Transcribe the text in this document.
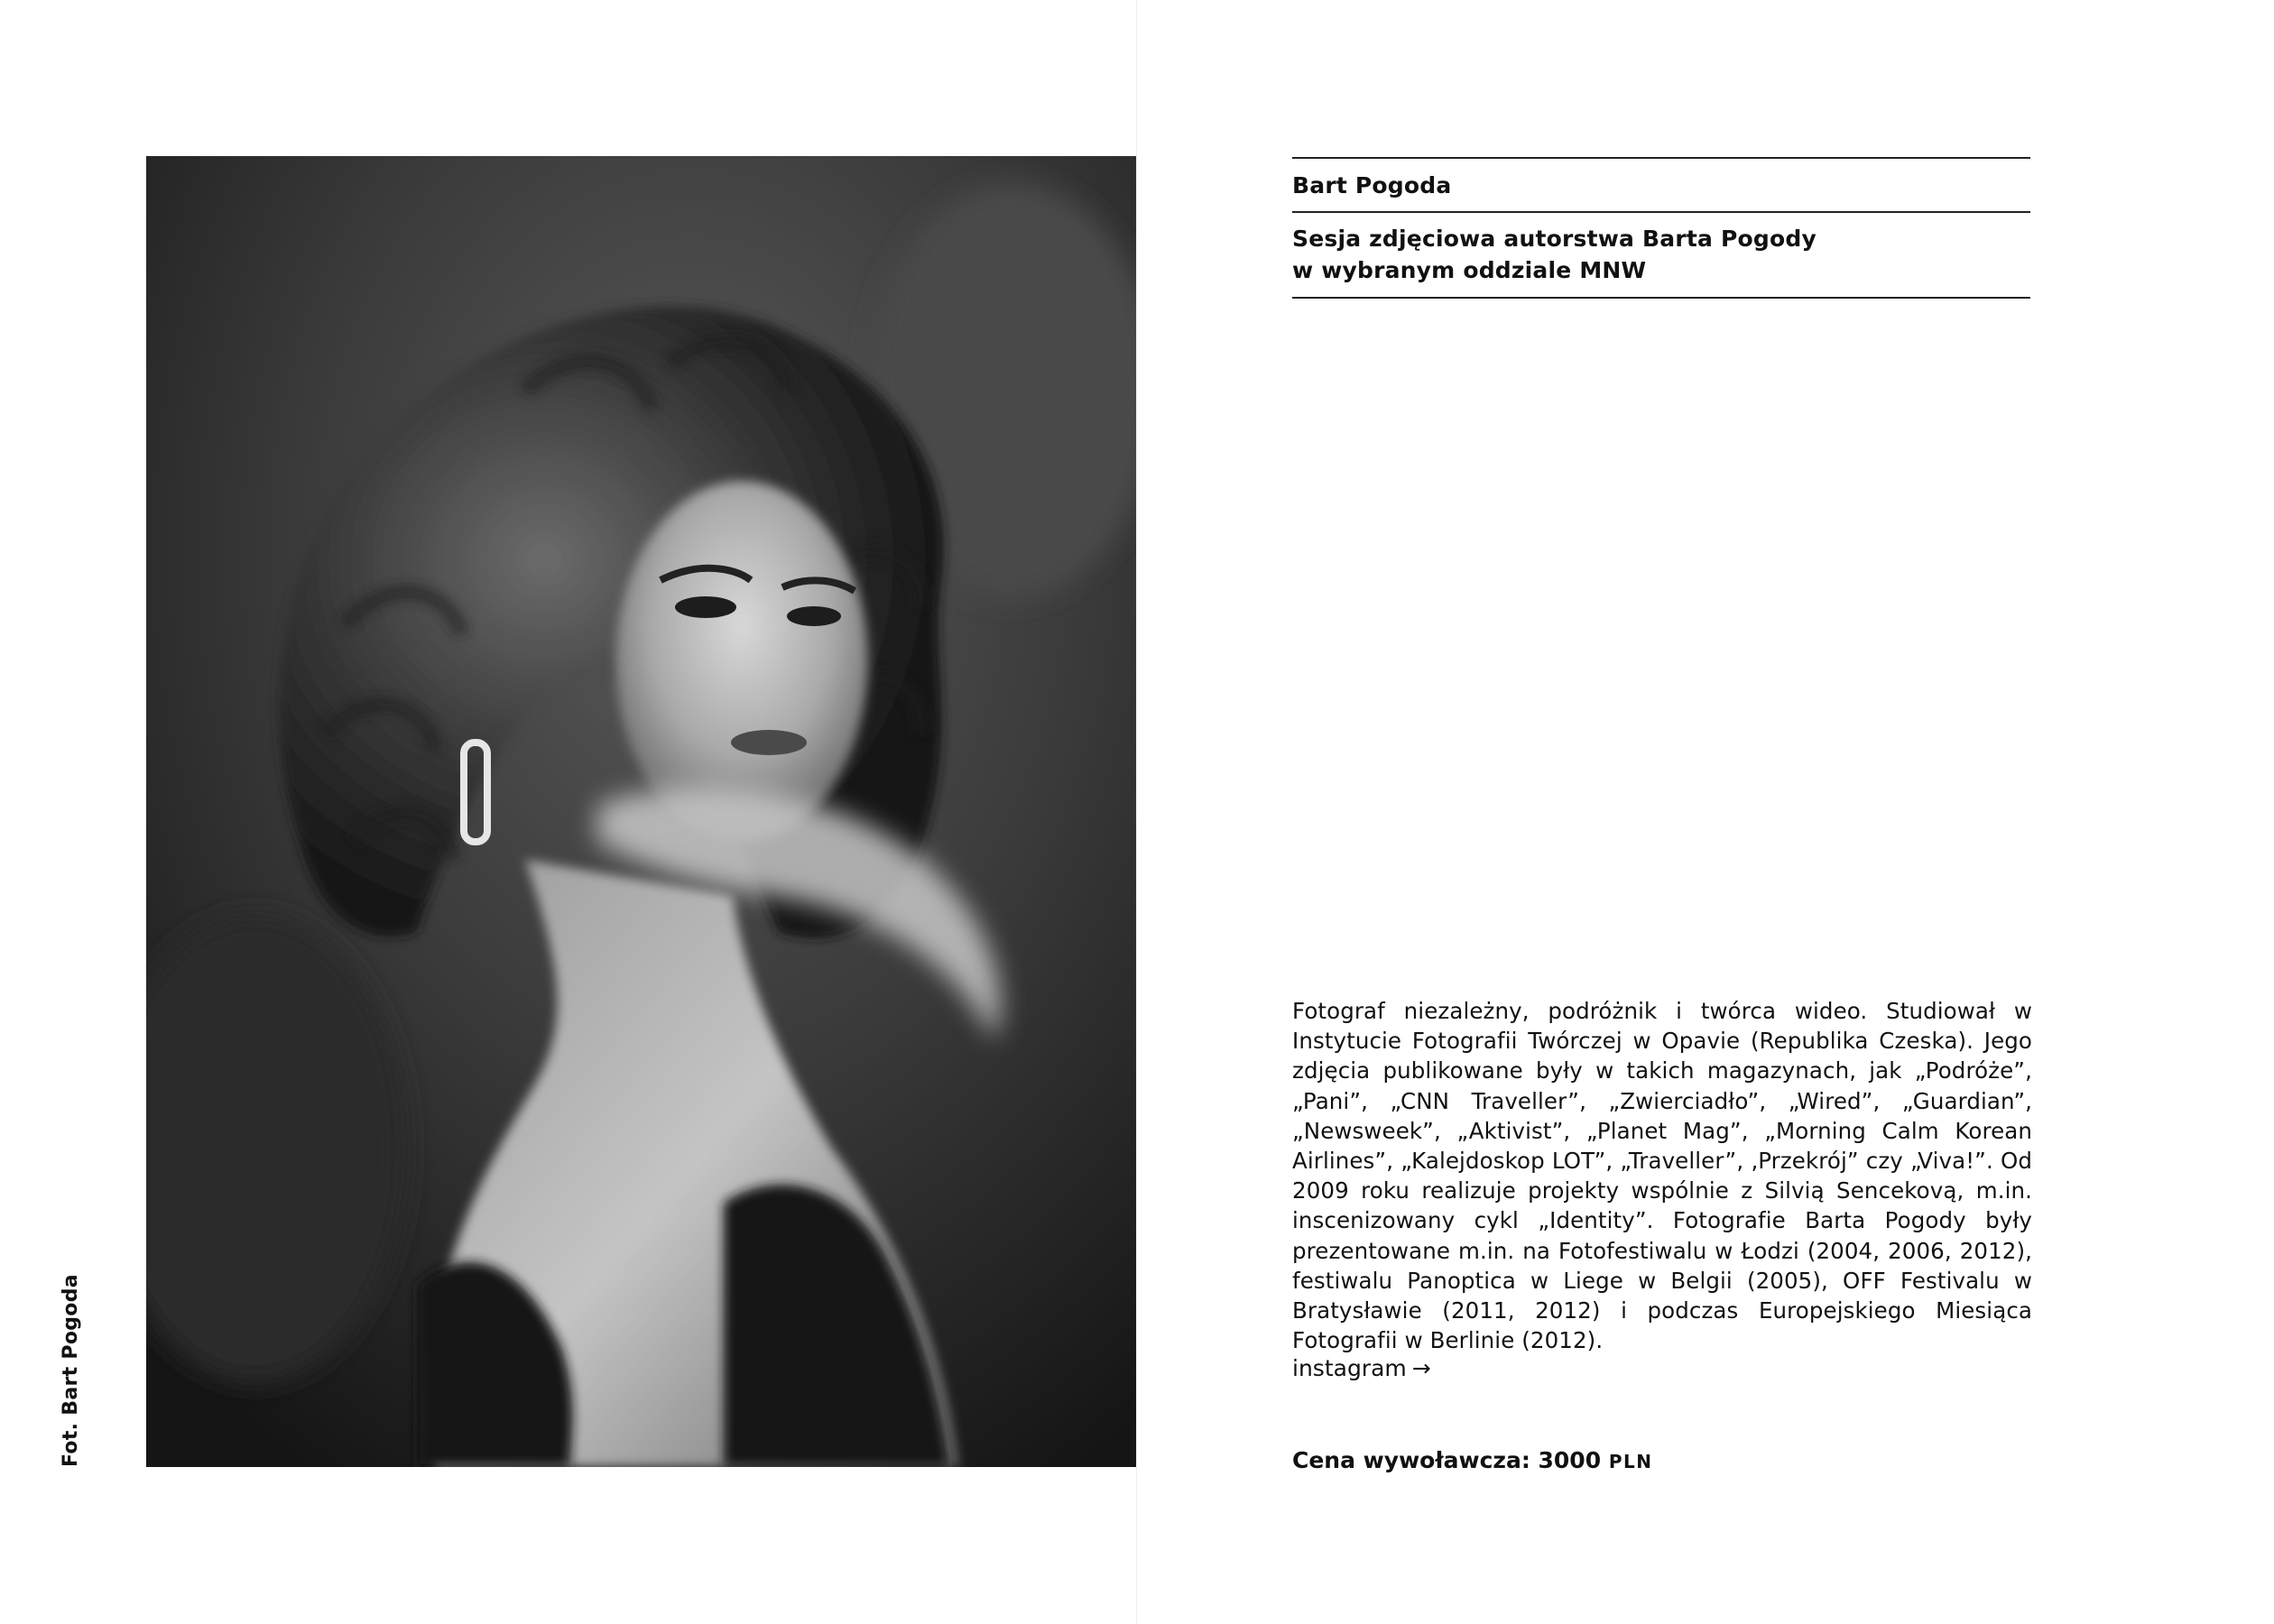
Fot. Bart Pogoda
Bart Pogoda
Sesja zdjęciowa autorstwa Barta Pogody
w wybranym oddziale MNW
Fotograf niezależny, podróżnik i twórca wideo. Studiował w Instytucie Fotografii Twórczej w Opavie (Republika Czeska). Jego zdjęcia publikowane były w takich magazynach, jak „Podróże”, „Pani”, „CNN Traveller”, „Zwierciadło”, „Wired”, „Guardian”, „Newsweek”, „Aktivist”, „Planet Mag”, „Morning Calm Korean Airlines”, „Kalejdoskop LOT”, „Traveller”, ‚Przekrój” czy „Viva!”. Od 2009 roku realizuje projekty wspólnie z Silvią Sencekovą, m.in. inscenizowany cykl „Identity”. Fotografie Barta Pogody były prezentowane m.in. na Fotofestiwalu w Łodzi (2004, 2006, 2012), festiwalu Panoptica w Liege w Belgii (2005), OFF Festivalu w Bratysławie (2011, 2012) i podczas Europejskiego Miesiąca Fotografii w Berlinie (2012).
instagram →
Cena wywoławcza: 3000 PLN
